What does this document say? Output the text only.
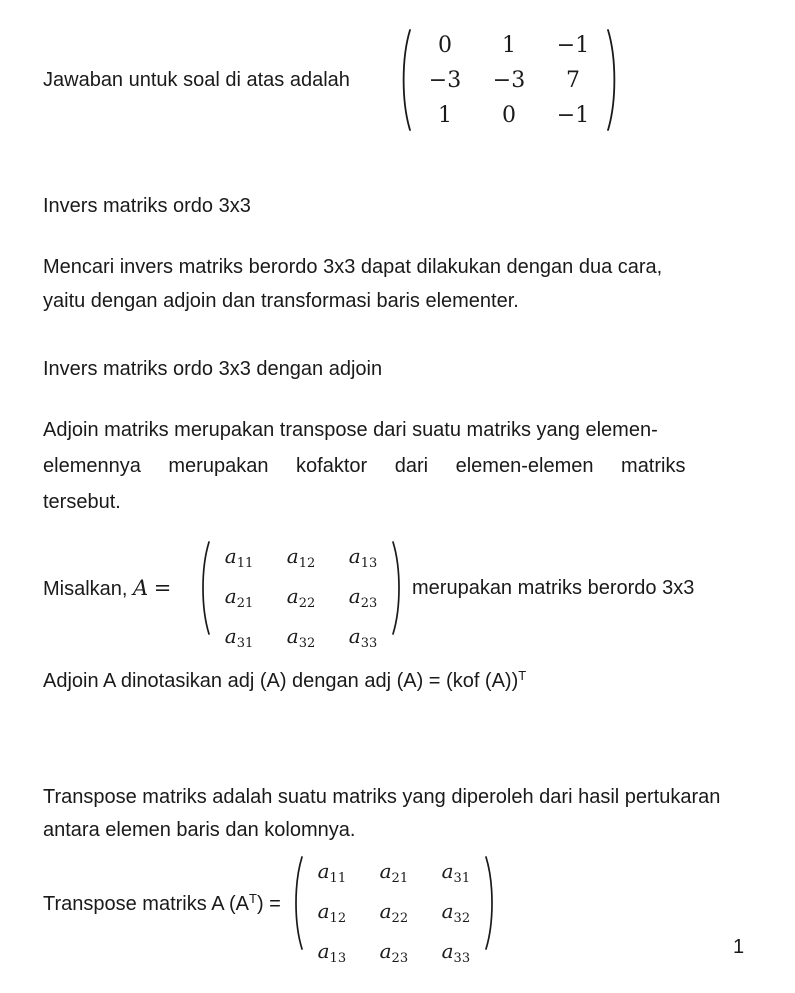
Jawaban untuk soal di atas adalah
0 1 −1
−3 −3 7
1 0 −1
Invers matriks ordo 3x3
Mencari invers matriks berordo 3x3 dapat dilakukan dengan dua cara,
yaitu dengan adjoin dan transformasi baris elementer.
Invers matriks ordo 3x3 dengan adjoin
Adjoin matriks merupakan transpose dari suatu matriks yang elemen-
elemennya merupakan kofaktor dari elemen-elemen matriks
tersebut.
Misalkan, A =
$a_{11}$ $a_{12}$ $a_{13}$
$a_{21}$ $a_{22}$ $a_{23}$
$a_{31}$ $a_{32}$ $a_{33}$
merupakan matriks berordo 3x3
Adjoin A dinotasikan adj (A) dengan adj (A) = (kof (A))$^T$
Transpose matriks adalah suatu matriks yang diperoleh dari hasil pertukaran
antara elemen baris dan kolomnya.
Transpose matriks A $(A^T)$ =
$a_{11}$ $a_{21}$ $a_{31}$
$a_{12}$ $a_{22}$ $a_{32}$
$a_{13}$ $a_{23}$ $a_{33}$
1
